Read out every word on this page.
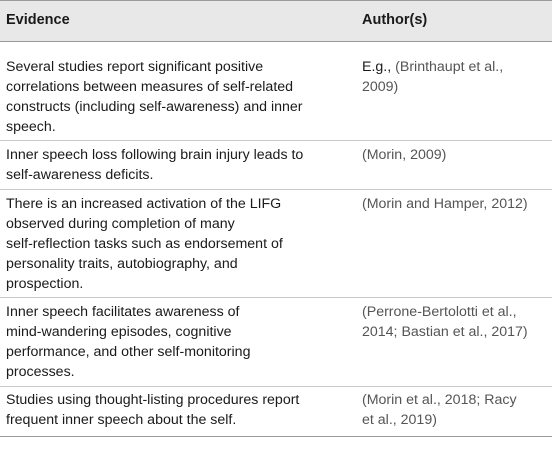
Evidence	Author(s)

Several studies report significant positive
correlations between measures of self-related
constructs (including self-awareness) and inner
speech.	E.g., (Brinthaupt et al.,
2009)

Inner speech loss following brain injury leads to
self-awareness deficits.	(Morin, 2009)

There is an increased activation of the LIFG
observed during completion of many
self-reflection tasks such as endorsement of
personality traits, autobiography, and
prospection.	(Morin and Hamper, 2012)

Inner speech facilitates awareness of
mind-wandering episodes, cognitive
performance, and other self-monitoring
processes.	(Perrone-Bertolotti et al.,
2014; Bastian et al., 2017)

Studies using thought-listing procedures report
frequent inner speech about the self.	(Morin et al., 2018; Racy
et al., 2019)
